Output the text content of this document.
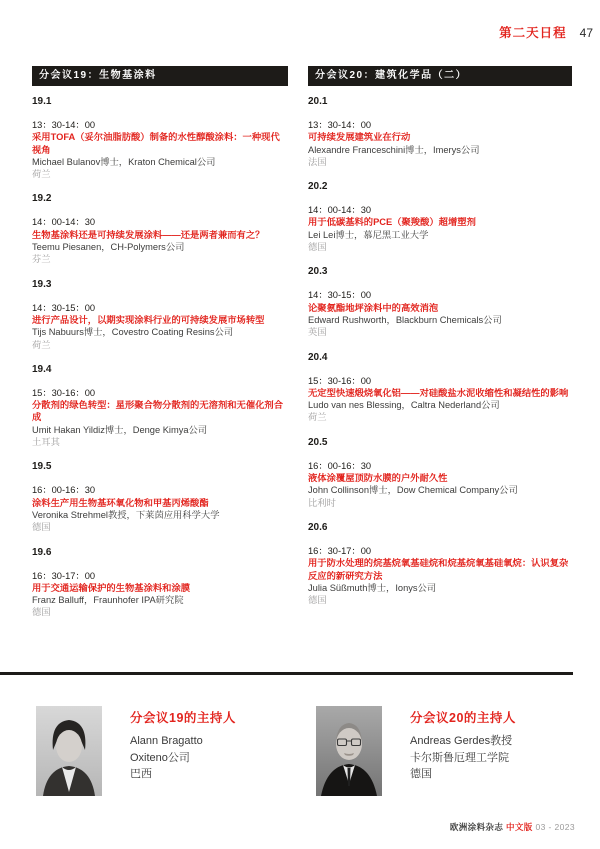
第二天日程 47
分会议19：生物基涂料
19.1
13：30-14：00
采用TOFA（妥尔油脂肪酸）制备的水性醇酸涂料：一种现代视角
Michael Bulanov博士，Kraton Chemical公司
荷兰
19.2
14：00-14：30
生物基涂料还是可持续发展涂料——还是两者兼而有之？
Teemu Piesanen，CH-Polymers公司
芬兰
19.3
14：30-15：00
进行产品设计，以期实现涂料行业的可持续发展市场转型
Tijs Nabuurs博士，Covestro Coating Resins公司
荷兰
19.4
15：30-16：00
分散剂的绿色转型：星形聚合物分散剂的无溶剂和无催化剂合成
Umit Hakan Yildiz博士，Denge Kimya公司
土耳其
19.5
16：00-16：30
涂料生产用生物基环氧化物和甲基丙烯酸酯
Veronika Strehmel教授，下莱茵应用科学大学
德国
19.6
16：30-17：00
用于交通运输保护的生物基涂料和涂膜
Franz Balluff，Fraunhofer IPA研究院
德国
分会议20：建筑化学品（二）
20.1
13：30-14：00
可持续发展建筑业在行动
Alexandre Franceschini博士，Imerys公司
法国
20.2
14：00-14：30
用于低碳基料的PCE（聚羧酸）超增塑剂
Lei Lei博士，慕尼黑工业大学
德国
20.3
14：30-15：00
论聚氨酯地坪涂料中的高效消泡
Edward Rushworth，Blackburn Chemicals公司
英国
20.4
15：30-16：00
无定型快速煅烧氧化铝——对硅酸盐水泥收缩性和凝结性的影响
Ludo van nes Blessing，Caltra Nederland公司
荷兰
20.5
16：00-16：30
液体涂覆屋顶防水膜的户外耐久性
John Collinson博士，Dow Chemical Company公司
比利时
20.6
16：30-17：00
用于防水处理的烷基烷氧基硅烷和烷基烷氧基硅氧烷：认识复杂反应的新研究方法
Julia Süßmuth博士，Ionys公司
德国
分会议19的主持人
Alann Bragatto
Oxiteno公司
巴西
分会议20的主持人
Andreas Gerdes教授
卡尔斯鲁厄理工学院
德国
欧洲涂料杂志 中文版 03 - 2023
